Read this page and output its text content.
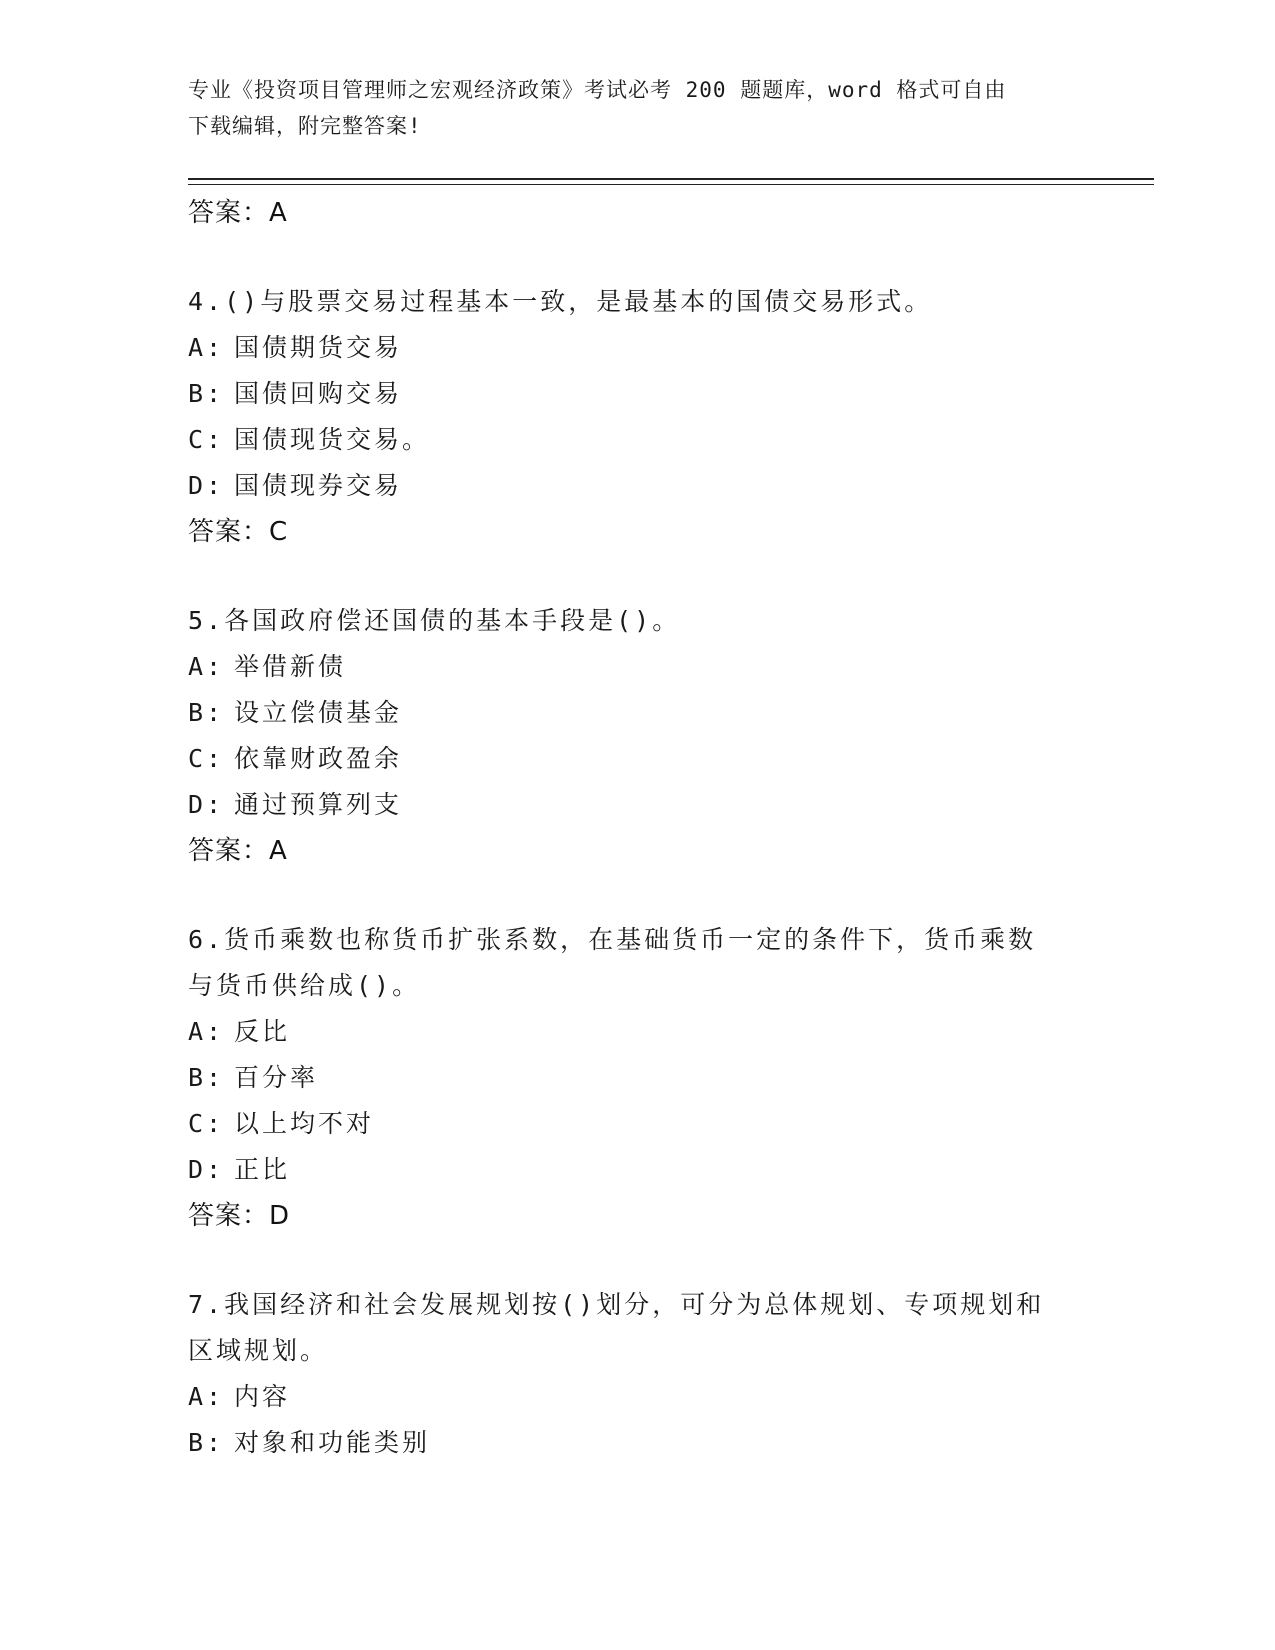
专业《投资项目管理师之宏观经济政策》考试必考 200 题题库，word 格式可自由
下载编辑，附完整答案!
答案：A
4.()与股票交易过程基本一致，是最基本的国债交易形式。
A: 国债期货交易
B: 国债回购交易
C: 国债现货交易。
D: 国债现券交易
答案：C
5.各国政府偿还国债的基本手段是()。
A: 举借新债
B: 设立偿债基金
C: 依靠财政盈余
D: 通过预算列支
答案：A
6.货币乘数也称货币扩张系数，在基础货币一定的条件下，货币乘数
与货币供给成()。
A: 反比
B: 百分率
C: 以上均不对
D: 正比
答案：D
7.我国经济和社会发展规划按()划分，可分为总体规划、专项规划和
区域规划。
A: 内容
B: 对象和功能类别
